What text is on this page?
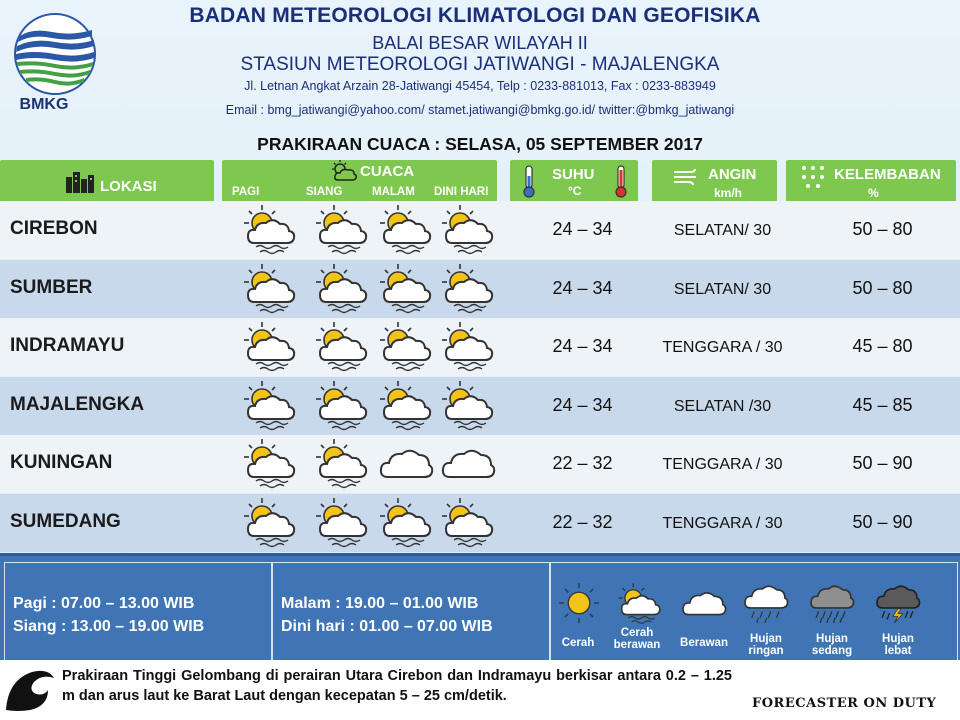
BMKG
BADAN METEOROLOGI KLIMATOLOGI DAN GEOFISIKA
BALAI BESAR WILAYAH II
STASIUN METEOROLOGI JATIWANGI - MAJALENGKA
Jl. Letnan Angkat Arzain 28-Jatiwangi 45454, Telp : 0233-881013, Fax : 0233-883949
Email : bmg_jatiwangi@yahoo.com/ stamet.jatiwangi@bmkg.go.id/ twitter:@bmkg_jatiwangi
PRAKIRAAN CUACA : SELASA, 05 SEPTEMBER 2017
LOKASI
CUACA
PAGI	SIANG	MALAM DINI HARI
SUHU
°C
ANGIN
km/h
KELEMBABAN
%
CIREBON	24 – 34	SELATAN/ 30	50 – 80
SUMBER	24 – 34	SELATAN/ 30	50 – 80
INDRAMAYU	24 – 34	TENGGARA / 30	45 – 80
MAJALENGKA	24 – 34	SELATAN /30	45 – 85
KUNINGAN	22 – 32	TENGGARA / 30	50 – 90
SUMEDANG	22 – 32	TENGGARA / 30	50 – 90
Pagi : 07.00 – 13.00 WIB
Siang : 13.00 – 19.00 WIB
Malam : 19.00 – 01.00 WIB
Dini hari : 01.00 – 07.00 WIB
Cerah
Cerah berawan	Berawan	Hujan ringan
Hujan sedang
Hujan lebat
Prakiraan Tinggi Gelombang di perairan Utara Cirebon dan Indramayu berkisar antara 0.2 – 1.25 m dan arus laut ke Barat Laut dengan kecepatan 5 – 25 cm/detik.	FORECASTER ON DUTY
